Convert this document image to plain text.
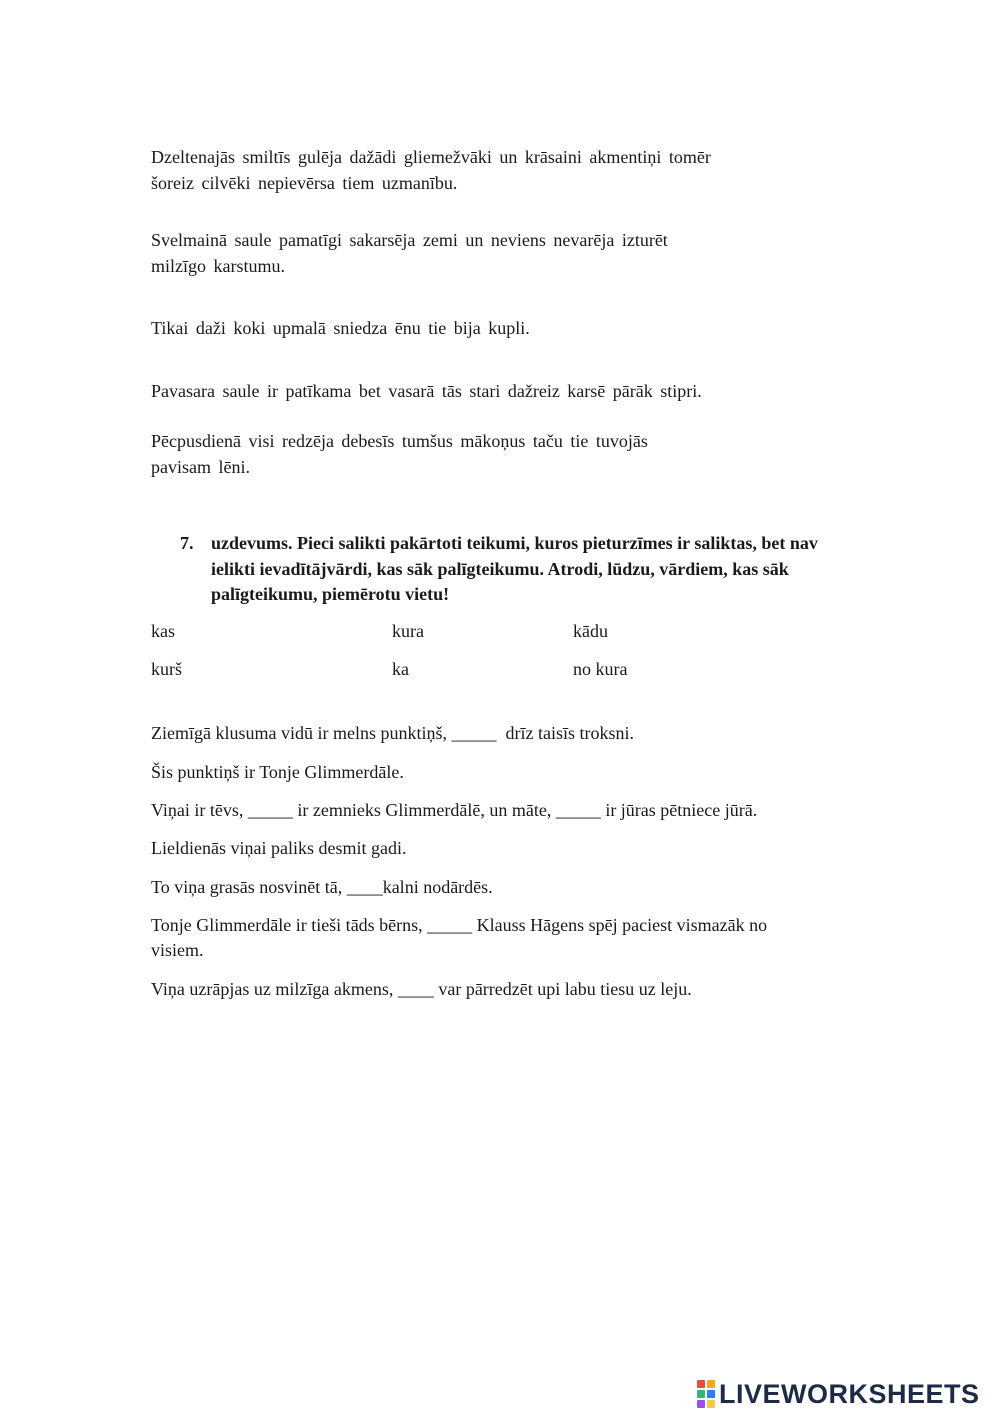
Dzeltenajās smiltīs gulēja dažādi gliemežvāki un krāsaini akmentiņi tomēr
šoreiz cilvēki nepievērsa tiem uzmanību.
Svelmainā saule pamatīgi sakarsēja zemi un neviens nevarēja izturēt
milzīgo karstumu.
Tikai daži koki upmalā sniedza ēnu tie bija kupli.
Pavasara saule ir patīkama bet vasarā tās stari dažreiz karsē pārāk stipri.
Pēcpusdienā visi redzēja debesīs tumšus mākoņus taču tie tuvojās
pavisam lēni.
7. uzdevums. Pieci salikti pakārtoti teikumi, kuros pieturzīmes ir saliktas, bet nav ielikti ievadītājvārdi, kas sāk palīgteikumu. Atrodi, lūdzu, vārdiem, kas sāk palīgteikumu, piemērotu vietu!
kas	kura	kādu
kurš	ka	no kura
Ziemīgā klusuma vidū ir melns punktiņš, _____  drīz taisīs troksni.
Šis punktiņš ir Tonje Glimmerdāle.
Viņai ir tēvs, _____ ir zemnieks Glimmerdālē, un māte, _____ ir jūras pētniece jūrā.
Lieldienās viņai paliks desmit gadi.
To viņa grasās nosvinēt tā, ____kalni nodārdēs.
Tonje Glimmerdāle ir tieši tāds bērns, _____ Klauss Hāgens spēj paciest vismazāk no
visiem.
Viņa uzrāpjas uz milzīga akmens, ____ var pārredzēt upi labu tiesu uz leju.
LIVEWORKSHEETS
